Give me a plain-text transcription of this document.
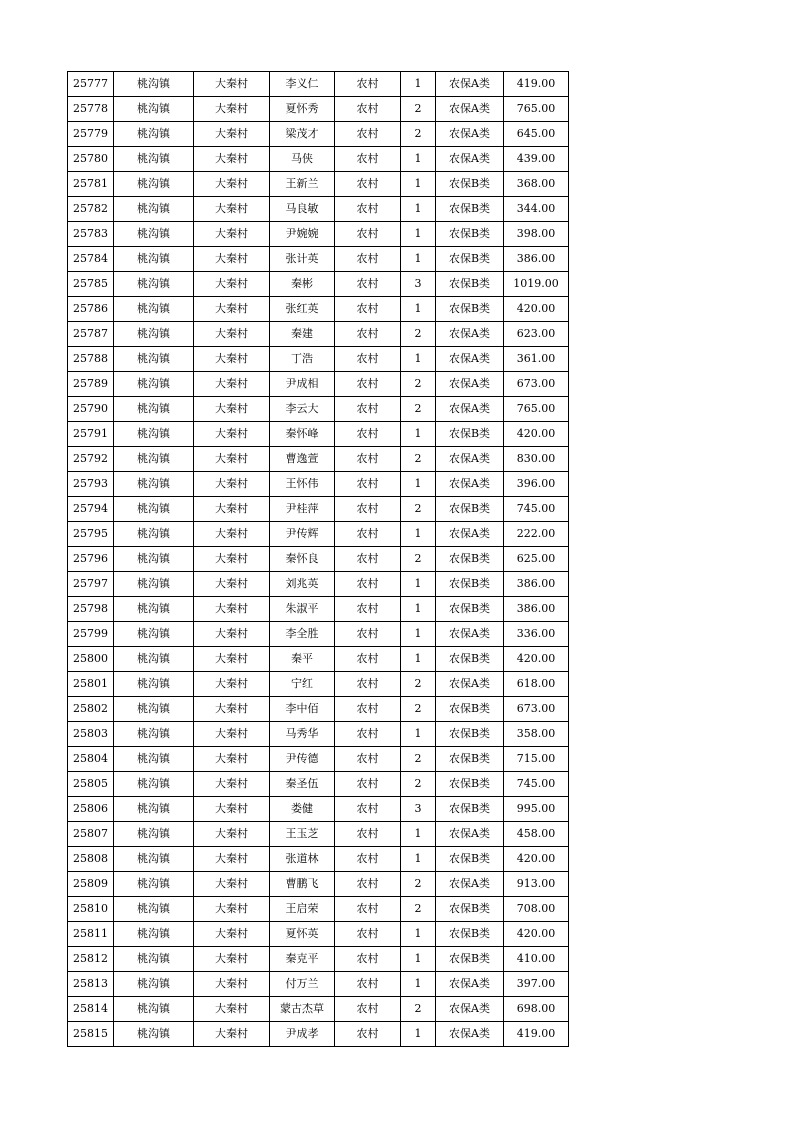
25777	桃沟镇	大秦村	李义仁	农村	1	农保A类	419.00
25778	桃沟镇	大秦村	夏怀秀	农村	2	农保A类	765.00
25779	桃沟镇	大秦村	梁茂才	农村	2	农保A类	645.00
25780	桃沟镇	大秦村	马侠	农村	1	农保A类	439.00
25781	桃沟镇	大秦村	王新兰	农村	1	农保B类	368.00
25782	桃沟镇	大秦村	马良敏	农村	1	农保B类	344.00
25783	桃沟镇	大秦村	尹婉婉	农村	1	农保B类	398.00
25784	桃沟镇	大秦村	张计英	农村	1	农保B类	386.00
25785	桃沟镇	大秦村	秦彬	农村	3	农保B类	1019.00
25786	桃沟镇	大秦村	张红英	农村	1	农保B类	420.00
25787	桃沟镇	大秦村	秦建	农村	2	农保A类	623.00
25788	桃沟镇	大秦村	丁浩	农村	1	农保A类	361.00
25789	桃沟镇	大秦村	尹成相	农村	2	农保A类	673.00
25790	桃沟镇	大秦村	李云大	农村	2	农保A类	765.00
25791	桃沟镇	大秦村	秦怀峰	农村	1	农保B类	420.00
25792	桃沟镇	大秦村	曹逸萱	农村	2	农保A类	830.00
25793	桃沟镇	大秦村	王怀伟	农村	1	农保A类	396.00
25794	桃沟镇	大秦村	尹桂萍	农村	2	农保B类	745.00
25795	桃沟镇	大秦村	尹传辉	农村	1	农保A类	222.00
25796	桃沟镇	大秦村	秦怀良	农村	2	农保B类	625.00
25797	桃沟镇	大秦村	刘兆英	农村	1	农保B类	386.00
25798	桃沟镇	大秦村	朱淑平	农村	1	农保B类	386.00
25799	桃沟镇	大秦村	李全胜	农村	1	农保A类	336.00
25800	桃沟镇	大秦村	秦平	农村	1	农保B类	420.00
25801	桃沟镇	大秦村	宁红	农村	2	农保A类	618.00
25802	桃沟镇	大秦村	李中佰	农村	2	农保B类	673.00
25803	桃沟镇	大秦村	马秀华	农村	1	农保B类	358.00
25804	桃沟镇	大秦村	尹传德	农村	2	农保B类	715.00
25805	桃沟镇	大秦村	秦圣伍	农村	2	农保B类	745.00
25806	桃沟镇	大秦村	娄健	农村	3	农保B类	995.00
25807	桃沟镇	大秦村	王玉芝	农村	1	农保A类	458.00
25808	桃沟镇	大秦村	张道林	农村	1	农保B类	420.00
25809	桃沟镇	大秦村	曹鹏飞	农村	2	农保A类	913.00
25810	桃沟镇	大秦村	王启荣	农村	2	农保B类	708.00
25811	桃沟镇	大秦村	夏怀英	农村	1	农保B类	420.00
25812	桃沟镇	大秦村	秦克平	农村	1	农保B类	410.00
25813	桃沟镇	大秦村	付万兰	农村	1	农保A类	397.00
25814	桃沟镇	大秦村	蒙古杰草	农村	2	农保A类	698.00
25815	桃沟镇	大秦村	尹成孝	农村	1	农保A类	419.00
